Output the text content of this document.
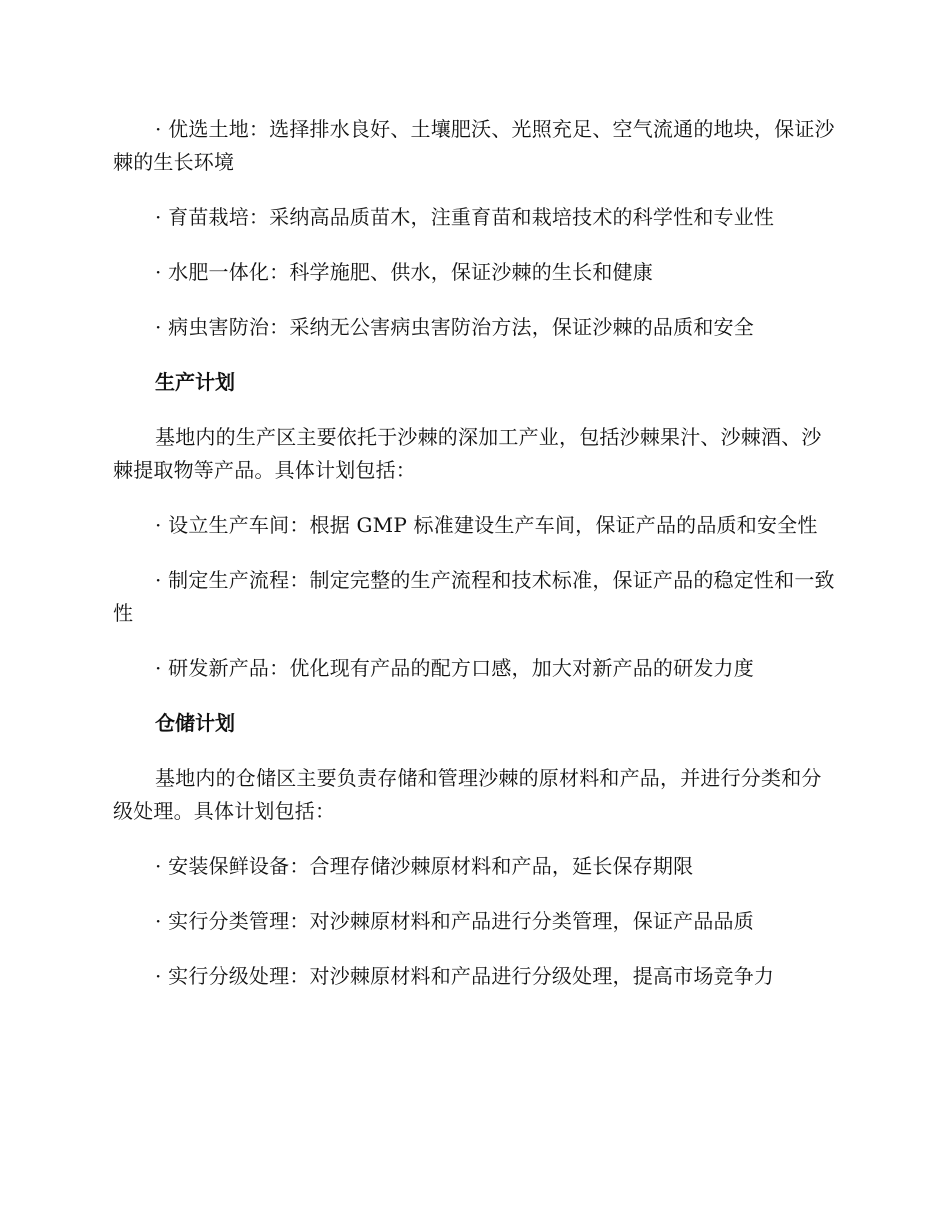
· 优选土地：选择排水良好、土壤肥沃、光照充足、空气流通的地块，保证沙棘的生长环境

· 育苗栽培：采纳高品质苗木，注重育苗和栽培技术的科学性和专业性

· 水肥一体化：科学施肥、供水，保证沙棘的生长和健康

· 病虫害防治：采纳无公害病虫害防治方法，保证沙棘的品质和安全

生产计划

基地内的生产区主要依托于沙棘的深加工产业，包括沙棘果汁、沙棘酒、沙棘提取物等产品。具体计划包括：

· 设立生产车间：根据 GMP 标准建设生产车间，保证产品的品质和安全性

· 制定生产流程：制定完整的生产流程和技术标准，保证产品的稳定性和一致性

· 研发新产品：优化现有产品的配方口感，加大对新产品的研发力度

仓储计划

基地内的仓储区主要负责存储和管理沙棘的原材料和产品，并进行分类和分级处理。具体计划包括：

· 安装保鲜设备：合理存储沙棘原材料和产品，延长保存期限

· 实行分类管理：对沙棘原材料和产品进行分类管理，保证产品品质

· 实行分级处理：对沙棘原材料和产品进行分级处理，提高市场竞争力
